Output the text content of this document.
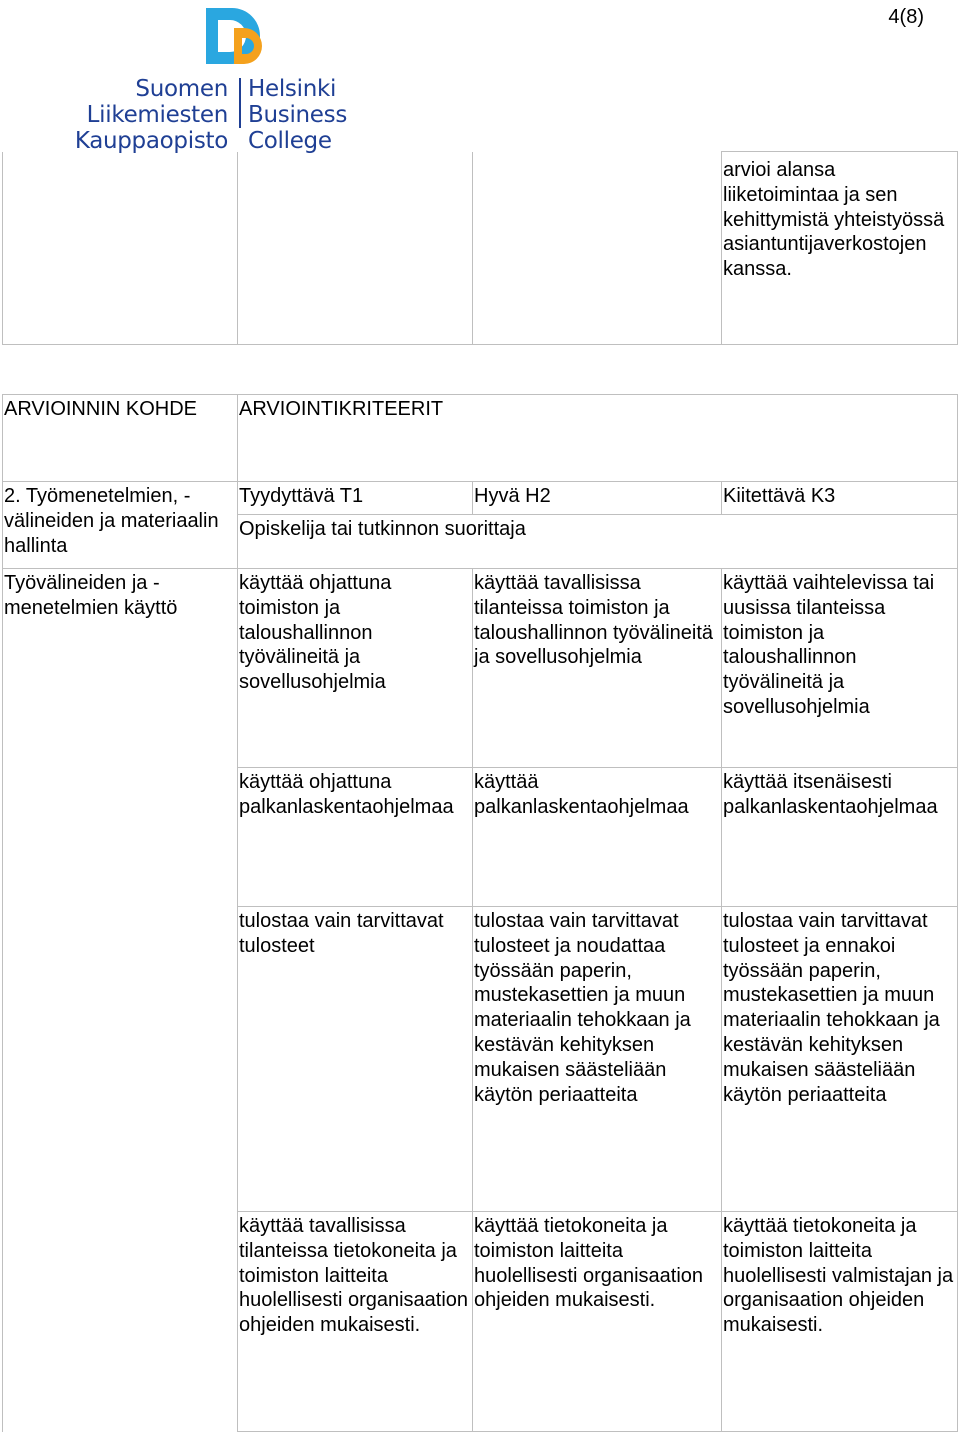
4(8)
Suomen Liikemiesten
Kauppaopisto
Helsinki
Business College
			arvioi alansa liiketoimintaa ja sen kehittymistä yhteistyössä asiantuntijaverkostojen kanssa.
ARVIOINNIN KOHDE	ARVIOINTIKRITEERIT		
2. Työmenetelmien, -välineiden ja materiaalin hallinta	Tyydyttävä T1	Hyvä H2	Kiitettävä K3
	Opiskelija tai tutkinnon suorittaja		
Työvälineiden ja -menetelmien käyttö	käyttää ohjattuna toimiston ja taloushallinnon työvälineitä ja sovellusohjelmia	käyttää tavallisissa tilanteissa toimiston ja taloushallinnon työvälineitä ja sovellusohjelmia	käyttää vaihtelevissa tai uusissa tilanteissa toimiston ja taloushallinnon työvälineitä ja sovellusohjelmia
	käyttää ohjattuna palkanlaskentaohjelmaa	käyttää palkanlaskentaohjelmaa	käyttää itsenäisesti palkanlaskentaohjelmaa
	tulostaa vain tarvittavat tulosteet	tulostaa vain tarvittavat tulosteet ja noudattaa työssään paperin, mustekasettien ja muun materiaalin tehokkaan ja kestävän kehityksen mukaisen säästeliään käytön periaatteita	tulostaa vain tarvittavat tulosteet ja ennakoi työssään paperin, mustekasettien ja muun materiaalin tehokkaan ja kestävän kehityksen mukaisen säästeliään käytön periaatteita
	käyttää tavallisissa tilanteissa tietokoneita ja toimiston laitteita huolellisesti organisaation ohjeiden mukaisesti.	käyttää tietokoneita ja toimiston laitteita huolellisesti organisaation ohjeiden mukaisesti.	käyttää tietokoneita ja toimiston laitteita huolellisesti valmistajan ja organisaation ohjeiden mukaisesti.
